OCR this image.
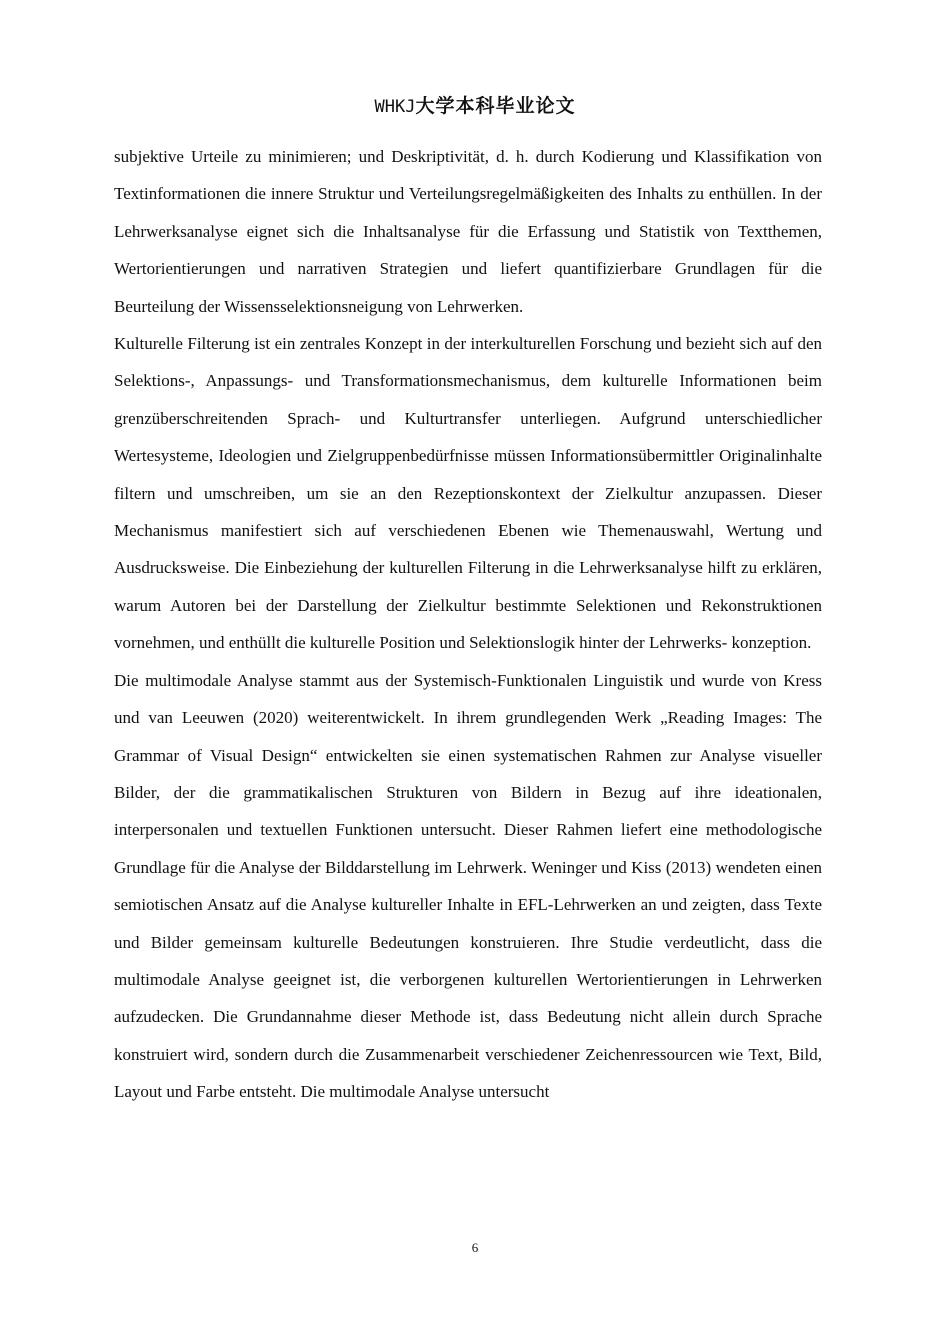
WHKJ大学本科毕业论文

subjektive Urteile zu minimieren; und Deskriptivität, d. h. durch Kodierung und Klassifikation von Textinformationen die innere Struktur und Verteilungsregelmäßigkeiten des Inhalts zu enthüllen. In der Lehrwerksanalyse eignet sich die Inhaltsanalyse für die Erfassung und Statistik von Textthemen, Wertorientierungen und narrativen Strategien und liefert quantifizierbare Grundlagen für die Beurteilung der Wissensselektionsneigung von Lehrwerken.

Kulturelle Filterung ist ein zentrales Konzept in der interkulturellen Forschung und bezieht sich auf den Selektions-, Anpassungs- und Transformationsmechanismus, dem kulturelle Informationen beim grenzüberschreitenden Sprach- und Kulturtransfer unterliegen. Aufgrund unterschiedlicher Wertesysteme, Ideologien und Zielgruppenbedürfnisse müssen Informationsübermittler Originalinhalte filtern und umschreiben, um sie an den Rezeptionskontext der Zielkultur anzupassen. Dieser Mechanismus manifestiert sich auf verschiedenen Ebenen wie Themenauswahl, Wertung und Ausdrucksweise. Die Einbeziehung der kulturellen Filterung in die Lehrwerksanalyse hilft zu erklären, warum Autoren bei der Darstellung der Zielkultur bestimmte Selektionen und Rekonstruktionen vornehmen, und enthüllt die kulturelle Position und Selektionslogik hinter der Lehrwerks- konzeption.

Die multimodale Analyse stammt aus der Systemisch-Funktionalen Linguistik und wurde von Kress und van Leeuwen (2020) weiterentwickelt. In ihrem grundlegenden Werk „Reading Images: The Grammar of Visual Design“ entwickelten sie einen systematischen Rahmen zur Analyse visueller Bilder, der die grammatikalischen Strukturen von Bildern in Bezug auf ihre ideationalen, interpersonalen und textuellen Funktionen untersucht. Dieser Rahmen liefert eine methodologische Grundlage für die Analyse der Bilddarstellung im Lehrwerk. Weninger und Kiss (2013) wendeten einen semiotischen Ansatz auf die Analyse kultureller Inhalte in EFL-Lehrwerken an und zeigten, dass Texte und Bilder gemeinsam kulturelle Bedeutungen konstruieren. Ihre Studie verdeutlicht, dass die multimodale Analyse geeignet ist, die verborgenen kulturellen Wertorientierungen in Lehrwerken aufzudecken. Die Grundannahme dieser Methode ist, dass Bedeutung nicht allein durch Sprache konstruiert wird, sondern durch die Zusammenarbeit verschiedener Zeichenressourcen wie Text, Bild, Layout und Farbe entsteht. Die multimodale Analyse untersucht

6
